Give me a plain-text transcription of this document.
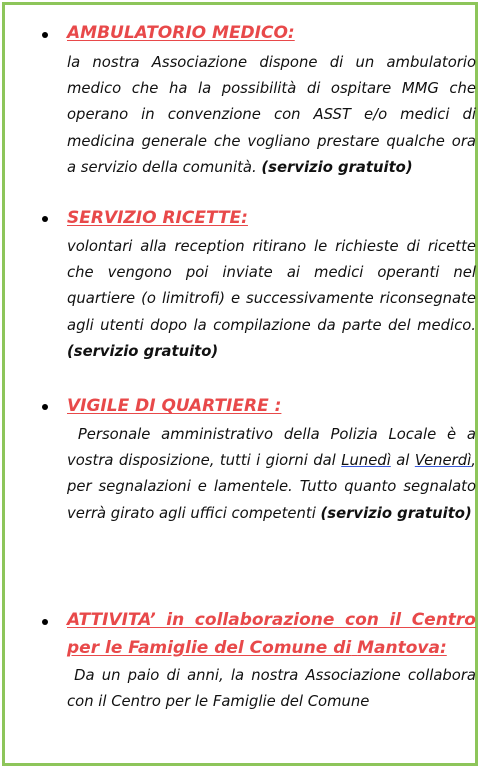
AMBULATORIO MEDICO:

la nostra Associazione dispone di un ambulatorio medico che ha la possibilità di ospitare MMG che operano in convenzione con ASST e/o medici di medicina generale che vogliano prestare qualche ora a servizio della comunità. (servizio gratuito)

SERVIZIO RICETTE:

volontari alla reception ritirano le richieste di ricette che vengono poi inviate ai medici operanti nel quartiere (o limitrofi) e successivamente riconsegnate agli utenti dopo la compilazione da parte del medico. (servizio gratuito)

VIGILE DI QUARTIERE :

Personale amministrativo della Polizia Locale è a vostra disposizione, tutti i giorni dal Lunedì al Venerdì, per segnalazioni e lamentele. Tutto quanto segnalato verrà girato agli uffici competenti (servizio gratuito)

ATTIVITA’ in collaborazione con il Centro per le Famiglie del Comune di Mantova:

Da un paio di anni, la nostra Associazione collabora con il Centro per le Famiglie del Comune
